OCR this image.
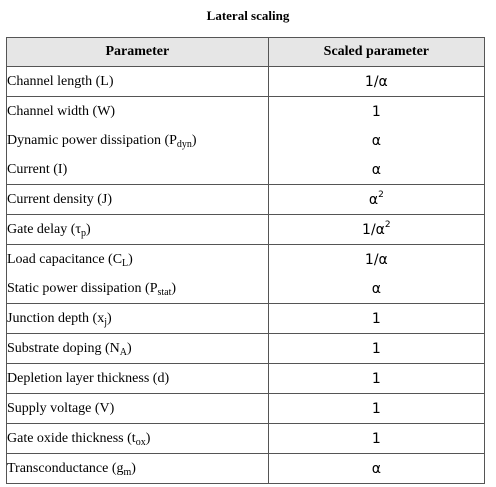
Lateral scaling
Parameter	Scaled parameter
Channel length (L)	1/α
Channel width (W)	1
Dynamic power dissipation $(P_{dyn})$	α
Current (I)	α
Current density (J)	$\alpha^2$
Gate delay $(\tau_p)$	$1/\alpha^2$
Load capacitance $(C_L)$	1/α
Static power dissipation $(P_{stat})$	α
Junction depth $(x_j)$	1
Substrate doping $(N_A)$	1
Depletion layer thickness (d)	1
Supply voltage (V)	1
Gate oxide thickness $(t_{ox})$	1
Transconductance $(g_m)$	α
